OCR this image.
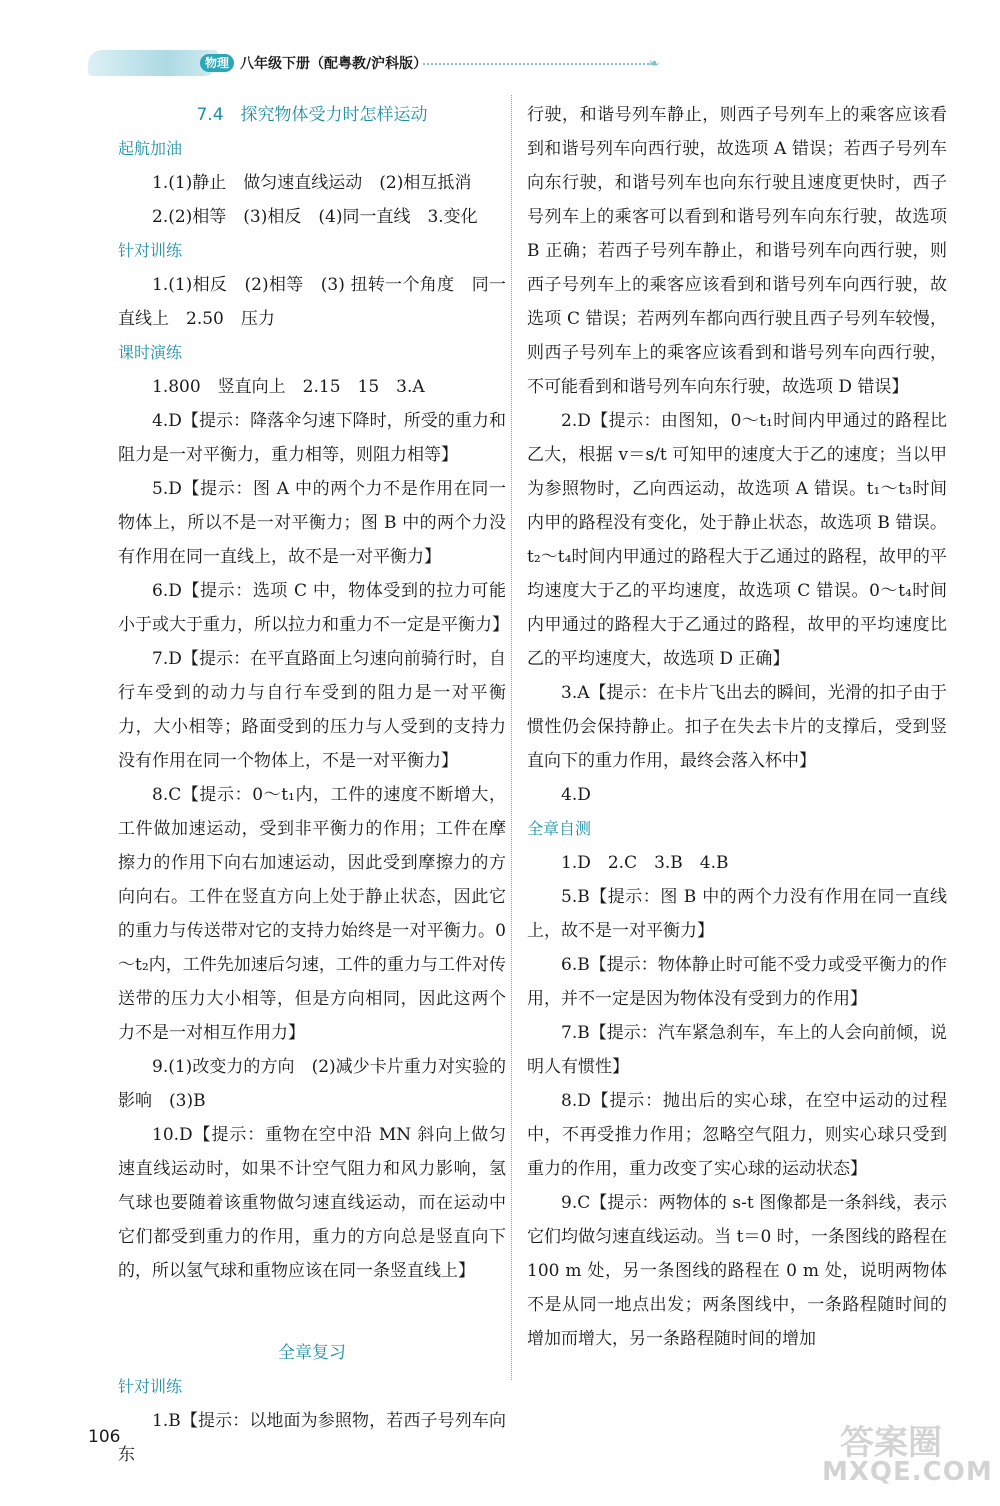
物理 八年级下册（配粤教/沪科版）	❧

7.4　探究物体受力时怎样运动

起航加油

1.(1)静止　做匀速直线运动　(2)相互抵消

2.(2)相等　(3)相反　(4)同一直线　3.变化

针对训练

1.(1)相反　(2)相等　(3) 扭转一个角度　同一直线上　2.50　压力

课时演练

1.800　竖直向上　2.15　15　3.A

4.D【提示：降落伞匀速下降时，所受的重力和阻力是一对平衡力，重力相等，则阻力相等】

5.D【提示：图 A 中的两个力不是作用在同一物体上，所以不是一对平衡力；图 B 中的两个力没有作用在同一直线上，故不是一对平衡力】

6.D【提示：选项 C 中，物体受到的拉力可能小于或大于重力，所以拉力和重力不一定是平衡力】

7.D【提示：在平直路面上匀速向前骑行时，自行车受到的动力与自行车受到的阻力是一对平衡力，大小相等；路面受到的压力与人受到的支持力没有作用在同一个物体上，不是一对平衡力】

8.C【提示：0～t₁内，工件的速度不断增大，工件做加速运动，受到非平衡力的作用；工件在摩擦力的作用下向右加速运动，因此受到摩擦力的方向向右。工件在竖直方向上处于静止状态，因此它的重力与传送带对它的支持力始终是一对平衡力。0～t₂内，工件先加速后匀速，工件的重力与工件对传送带的压力大小相等，但是方向相同，因此这两个力不是一对相互作用力】

9.(1)改变力的方向　(2)减少卡片重力对实验的影响　(3)B

10.D【提示：重物在空中沿 MN 斜向上做匀速直线运动时，如果不计空气阻力和风力影响，氢气球也要随着该重物做匀速直线运动，而在运动中它们都受到重力的作用，重力的方向总是竖直向下的，所以氢气球和重物应该在同一条竖直线上】

全章复习

针对训练

1.B【提示：以地面为参照物，若西子号列车向东

行驶，和谐号列车静止，则西子号列车上的乘客应该看到和谐号列车向西行驶，故选项 A 错误；若西子号列车向东行驶，和谐号列车也向东行驶且速度更快时，西子号列车上的乘客可以看到和谐号列车向东行驶，故选项 B 正确；若西子号列车静止，和谐号列车向西行驶，则西子号列车上的乘客应该看到和谐号列车向西行驶，故选项 C 错误；若两列车都向西行驶且西子号列车较慢，则西子号列车上的乘客应该看到和谐号列车向西行驶，不可能看到和谐号列车向东行驶，故选项 D 错误】

2.D【提示：由图知，0～t₁时间内甲通过的路程比乙大，根据 v＝s/t 可知甲的速度大于乙的速度；当以甲为参照物时，乙向西运动，故选项 A 错误。t₁～t₃时间内甲的路程没有变化，处于静止状态，故选项 B 错误。t₂～t₄时间内甲通过的路程大于乙通过的路程，故甲的平均速度大于乙的平均速度，故选项 C 错误。0～t₄时间内甲通过的路程大于乙通过的路程，故甲的平均速度比乙的平均速度大，故选项 D 正确】

3.A【提示：在卡片飞出去的瞬间，光滑的扣子由于惯性仍会保持静止。扣子在失去卡片的支撑后，受到竖直向下的重力作用，最终会落入杯中】

4.D

全章自测

1.D　2.C　3.B　4.B

5.B【提示：图 B 中的两个力没有作用在同一直线上，故不是一对平衡力】

6.B【提示：物体静止时可能不受力或受平衡力的作用，并不一定是因为物体没有受到力的作用】

7.B【提示：汽车紧急刹车，车上的人会向前倾，说明人有惯性】

8.D【提示：抛出后的实心球，在空中运动的过程中，不再受推力作用；忽略空气阻力，则实心球只受到重力的作用，重力改变了实心球的运动状态】

9.C【提示：两物体的 s-t 图像都是一条斜线，表示它们均做匀速直线运动。当 t＝0 时，一条图线的路程在 100 m 处，另一条图线的路程在 0 m 处，说明两物体不是从同一地点出发；两条图线中，一条路程随时间的增加而增大，另一条路程随时间的增加

106	答案圈
MXQE.COM
